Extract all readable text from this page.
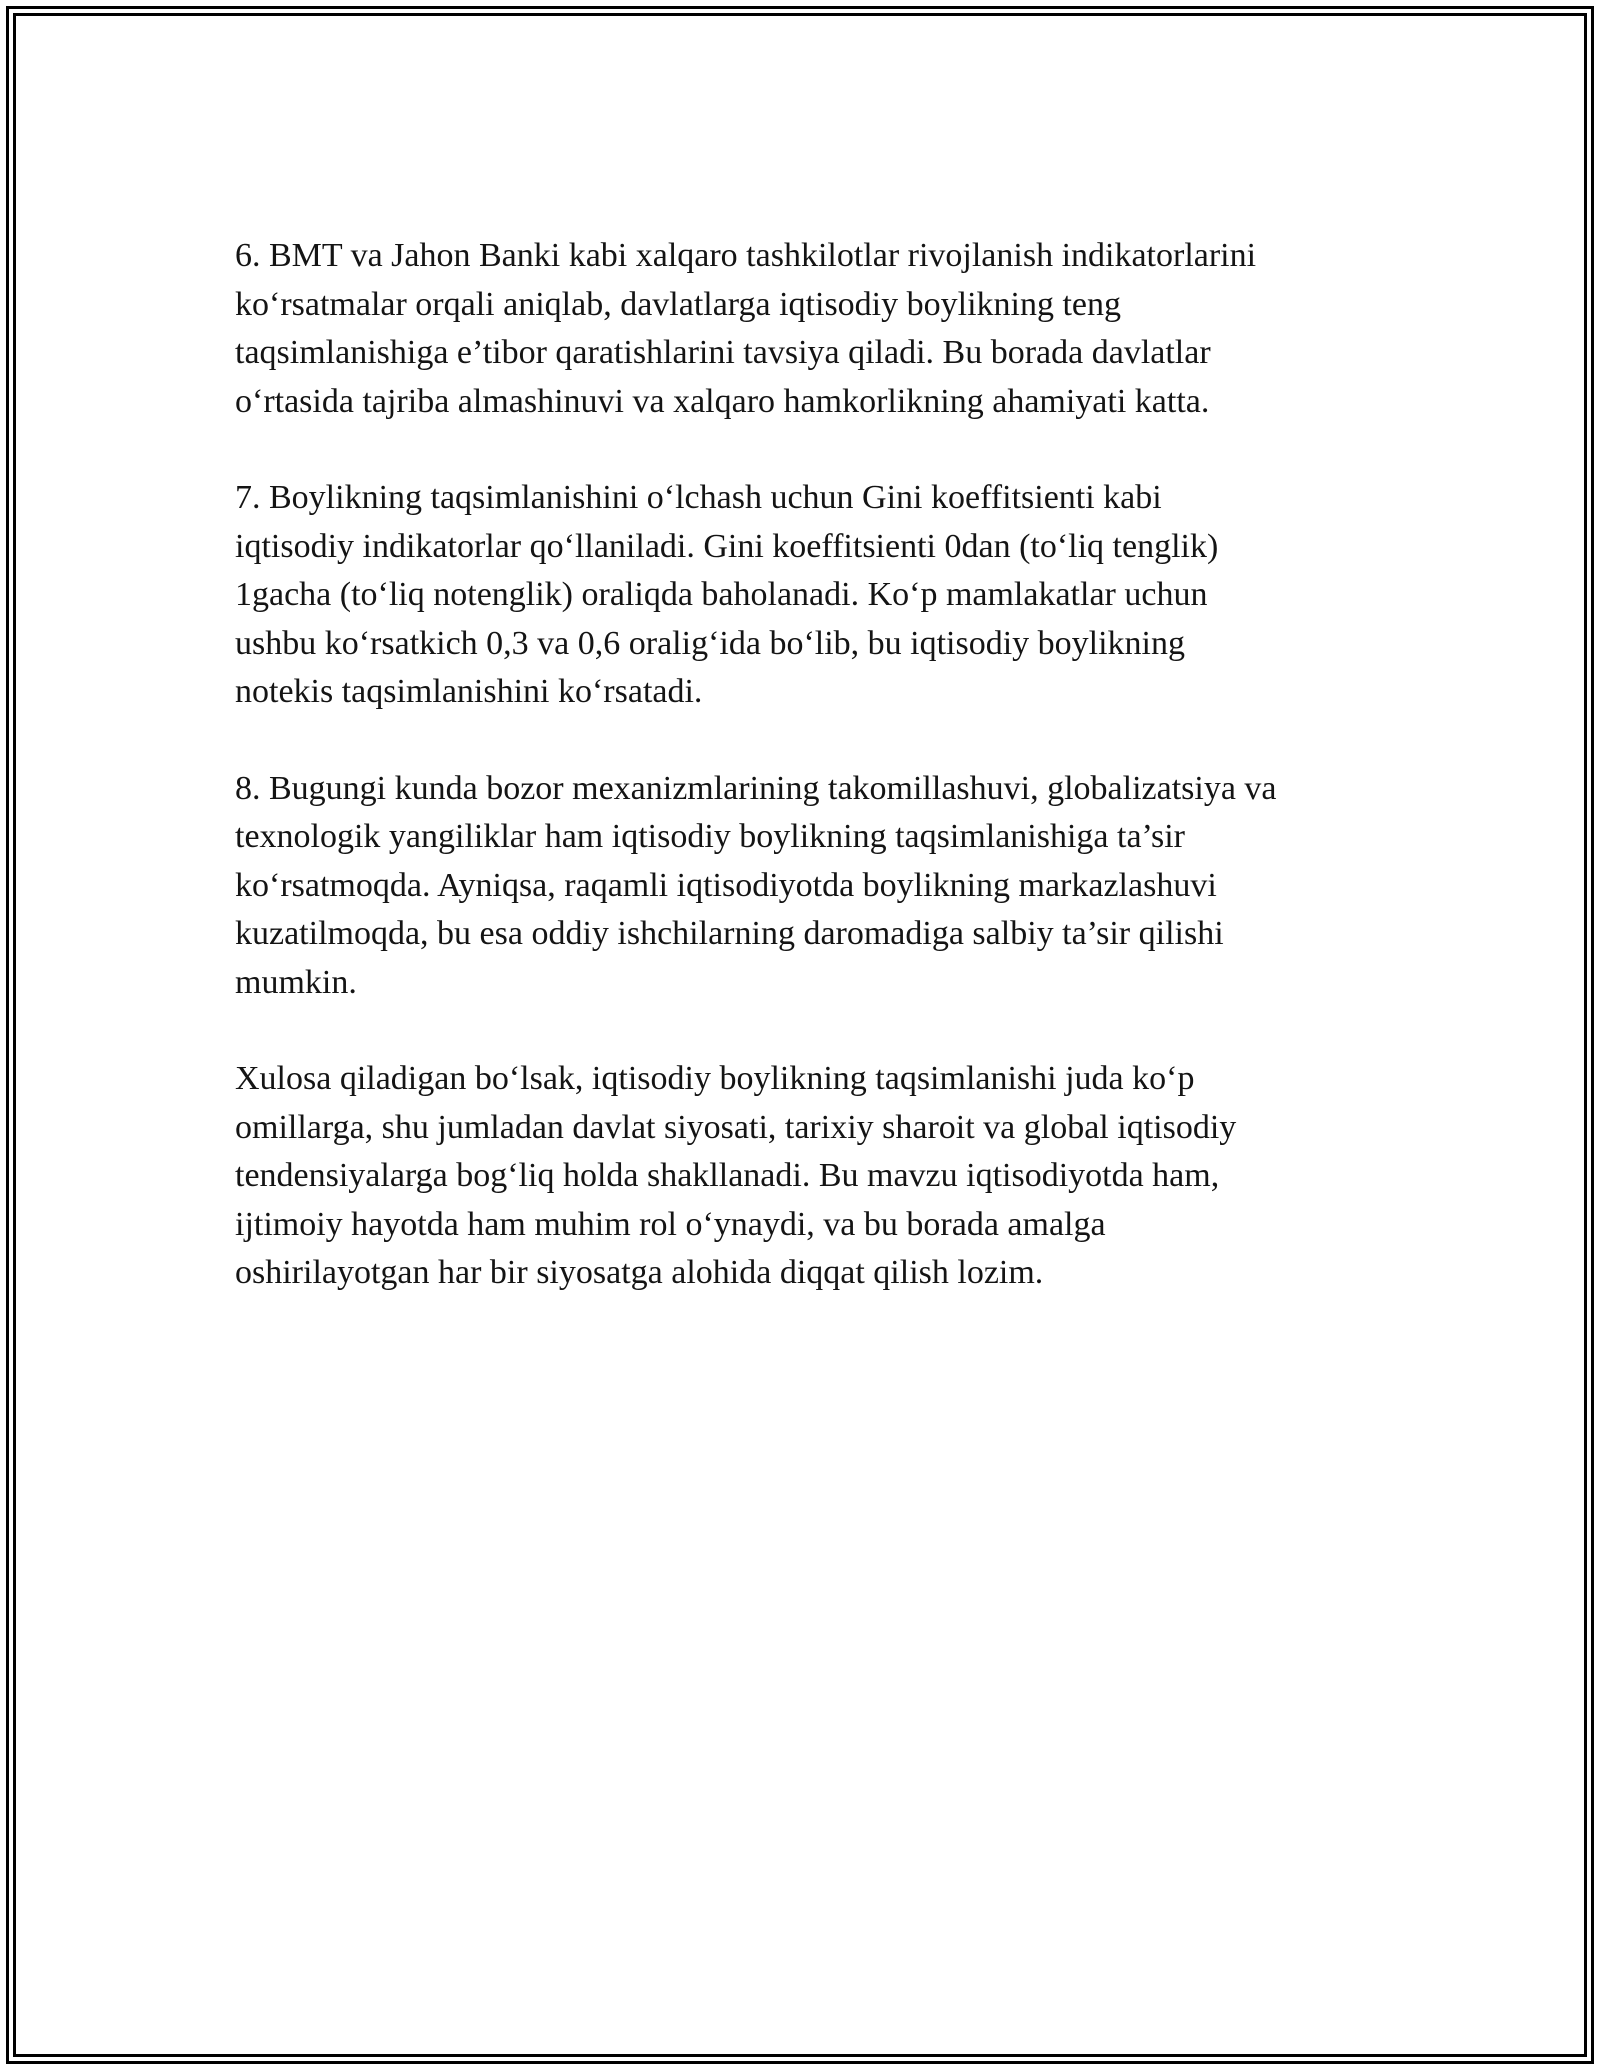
6. BMT va Jahon Banki kabi xalqaro tashkilotlar rivojlanish indikatorlarini
ko‘rsatmalar orqali aniqlab, davlatlarga iqtisodiy boylikning teng
taqsimlanishiga e’tibor qaratishlarini tavsiya qiladi. Bu borada davlatlar
o‘rtasida tajriba almashinuvi va xalqaro hamkorlikning ahamiyati katta.

7. Boylikning taqsimlanishini o‘lchash uchun Gini koeffitsienti kabi
iqtisodiy indikatorlar qo‘llaniladi. Gini koeffitsienti 0dan (to‘liq tenglik)
1gacha (to‘liq notenglik) oraliqda baholanadi. Ko‘p mamlakatlar uchun
ushbu ko‘rsatkich 0,3 va 0,6 oralig‘ida bo‘lib, bu iqtisodiy boylikning
notekis taqsimlanishini ko‘rsatadi.

8. Bugungi kunda bozor mexanizmlarining takomillashuvi, globalizatsiya va
texnologik yangiliklar ham iqtisodiy boylikning taqsimlanishiga ta’sir
ko‘rsatmoqda. Ayniqsa, raqamli iqtisodiyotda boylikning markazlashuvi
kuzatilmoqda, bu esa oddiy ishchilarning daromadiga salbiy ta’sir qilishi
mumkin.

Xulosa qiladigan bo‘lsak, iqtisodiy boylikning taqsimlanishi juda ko‘p
omillarga, shu jumladan davlat siyosati, tarixiy sharoit va global iqtisodiy
tendensiyalarga bog‘liq holda shakllanadi. Bu mavzu iqtisodiyotda ham,
ijtimoiy hayotda ham muhim rol o‘ynaydi, va bu borada amalga
oshirilayotgan har bir siyosatga alohida diqqat qilish lozim.
